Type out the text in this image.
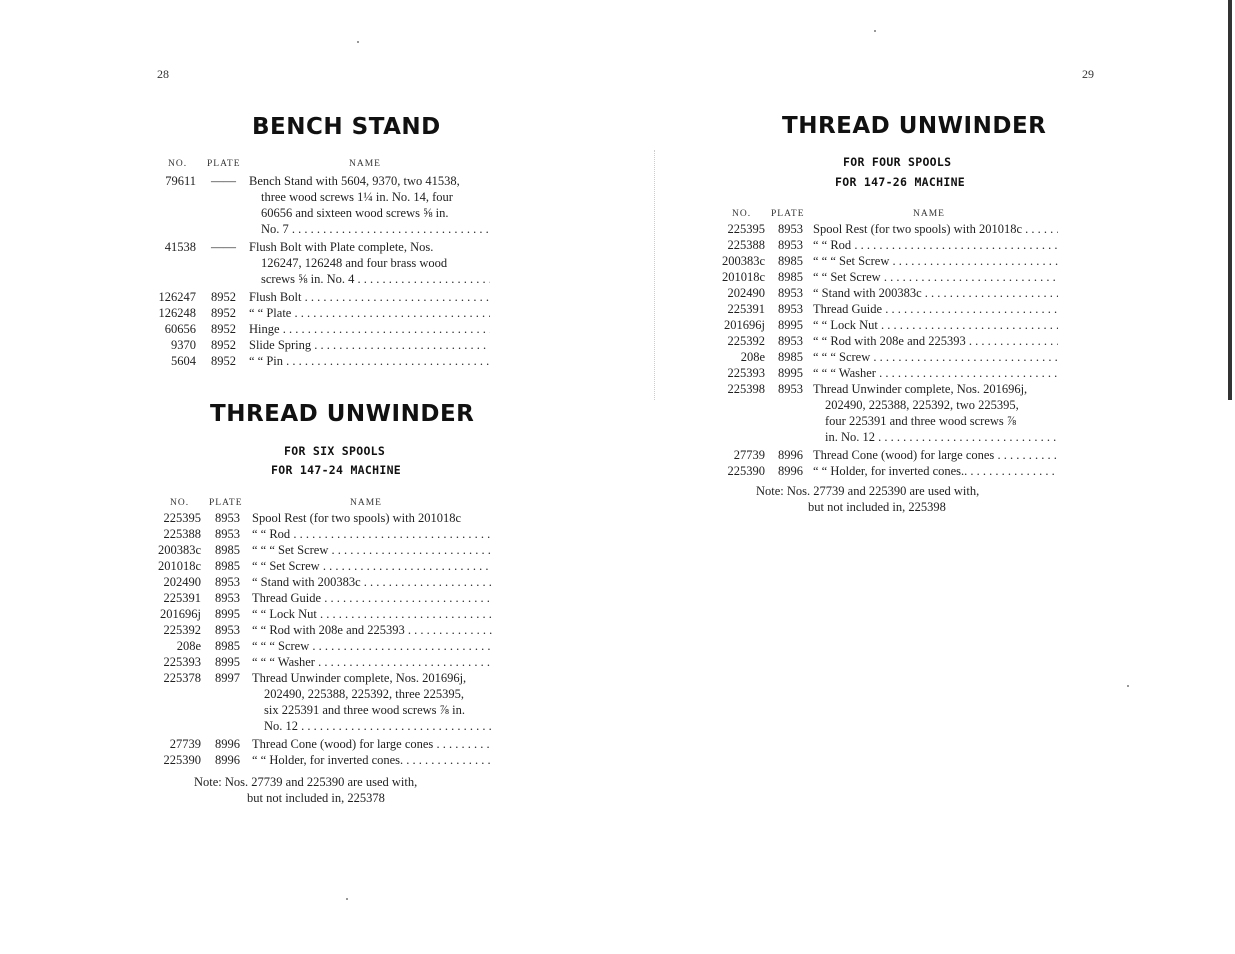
28
BENCH STAND
NO. PLATE	NAME
79611	—— Bench Stand with 5604, 9370, two 41538,
three wood screws 1¼ in. No. 14, four
60656 and sixteen wood screws ⅝ in.
No. 7 . . .
41538	—— Flush Bolt with Plate complete, Nos.
126247, 126248 and four brass wood
screws ⅝ in. No. 4 . . .
126247	8952 Flush Bolt . . .
126248	8952 “ “ Plate . . .
60656	8952 Hinge . . .
9370	8952 Slide Spring . . .
5604	8952 “ “ Pin . . .
THREAD UNWINDER
FOR SIX SPOOLS
FOR 147-24 MACHINE
NO. PLATE	NAME
225395	8953 Spool Rest (for two spools) with 201018c
225388	8953 “ “ Rod . . .
200383c	8985 “ “ “ Set Screw . . .
201018c	8985 “ “ Set Screw . . .
202490	8953 “ Stand with 200383c . . .
225391	8953 Thread Guide . . .
201696j	8995 “ “ Lock Nut . . .
225392	8953 “ “ Rod with 208e and 225393 . . .
208e	8985 “ “ “ Screw . . .
225393	8995 “ “ “ Washer . . .
225378	8997 Thread Unwinder complete, Nos. 201696j,
202490, 225388, 225392, three 225395,
six 225391 and three wood screws ⅞ in.
No. 12 . . .
27739	8996 Thread Cone (wood) for large cones . . .
225390	8996 “ “ Holder, for inverted cones. . . .
Note: Nos. 27739 and 225390 are used with,
but not included in, 225378
29
THREAD UNWINDER
FOR FOUR SPOOLS
FOR 147-26 MACHINE
NO. PLATE	NAME
225395	8953 Spool Rest (for two spools) with 201018c . . .
225388	8953 “ “ Rod . . .
200383c	8985 “ “ “ Set Screw . . .
201018c	8985 “ “ Set Screw . . .
202490	8953 “ Stand with 200383c . . .
225391	8953 Thread Guide . . .
201696j	8995 “ “ Lock Nut . . .
225392	8953 “ “ Rod with 208e and 225393 . . .
208e	8985 “ “ “ Screw . . .
225393	8995 “ “ “ Washer . . .
225398	8953 Thread Unwinder complete, Nos. 201696j,
202490, 225388, 225392, two 225395,
four 225391 and three wood screws ⅞
in. No. 12 . . .
27739	8996 Thread Cone (wood) for large cones . . .
225390	8996 “ “ Holder, for inverted cones.. . . .
Note: Nos. 27739 and 225390 are used with,
but not included in, 225398
